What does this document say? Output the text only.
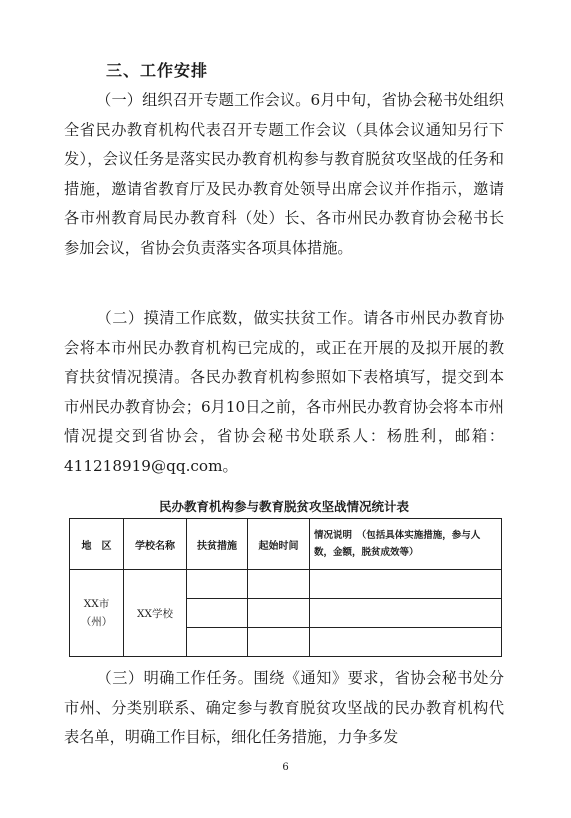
三、工作安排

（一）组织召开专题工作会议。6月中旬，省协会秘书处组织全省民办教育机构代表召开专题工作会议（具体会议通知另行下发），会议任务是落实民办教育机构参与教育脱贫攻坚战的任务和措施，邀请省教育厅及民办教育处领导出席会议并作指示，邀请各市州教育局民办教育科（处）长、各市州民办教育协会秘书长参加会议，省协会负责落实各项具体措施。

（二）摸清工作底数，做实扶贫工作。请各市州民办教育协会将本市州民办教育机构已完成的，或正在开展的及拟开展的教育扶贫情况摸清。各民办教育机构参照如下表格填写，提交到本市州民办教育协会；6月10日之前，各市州民办教育协会将本市州情况提交到省协会，省协会秘书处联系人：杨胜利，邮箱：411218919@qq.com。

民办教育机构参与教育脱贫攻坚战情况统计表
地　区	学校名称	扶贫措施	起始时间	情况说明　（包括具体实施措施，参与人数，金额，脱贫成效等）
XX市（州）	XX学校			

（三）明确工作任务。围绕《通知》要求，省协会秘书处分市州、分类别联系、确定参与教育脱贫攻坚战的民办教育机构代表名单，明确工作目标，细化任务措施，力争多发

6
